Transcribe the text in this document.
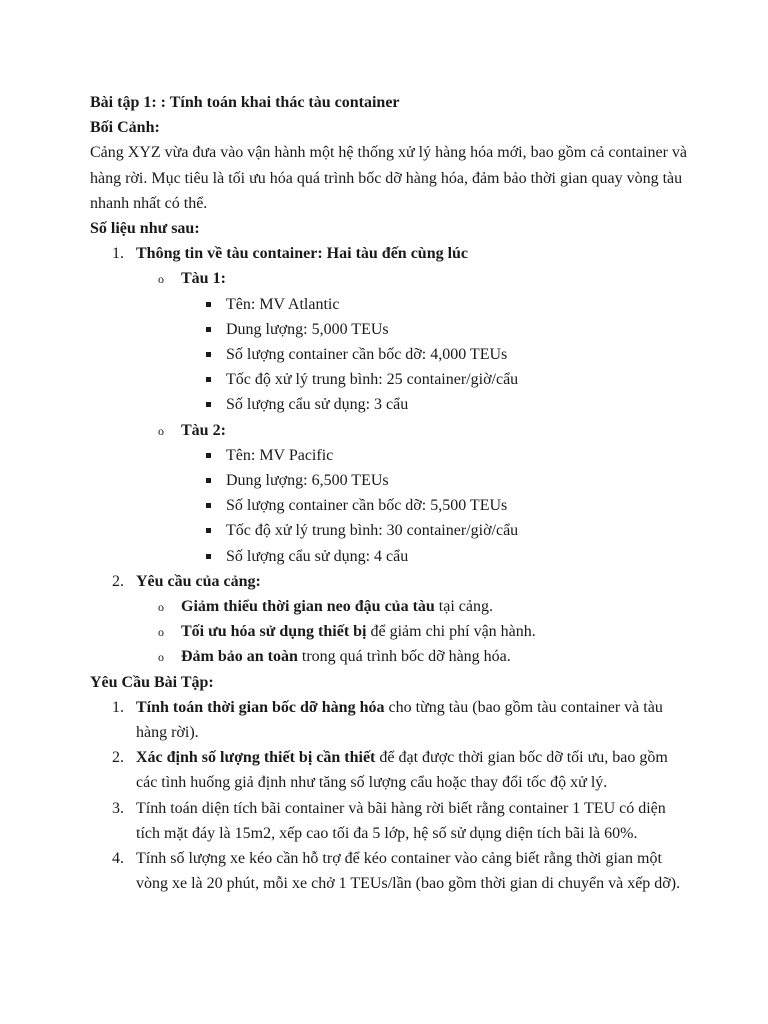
Bài tập 1: : Tính toán khai thác tàu container

Bối Cảnh:

Cảng XYZ vừa đưa vào vận hành một hệ thống xử lý hàng hóa mới, bao gồm cả container và hàng rời. Mục tiêu là tối ưu hóa quá trình bốc dỡ hàng hóa, đảm bảo thời gian quay vòng tàu nhanh nhất có thể.

Số liệu như sau:

1. Thông tin về tàu container: Hai tàu đến cùng lúc
o Tàu 1:
Tên: MV Atlantic
Dung lượng: 5,000 TEUs
Số lượng container cần bốc dỡ: 4,000 TEUs
Tốc độ xử lý trung bình: 25 container/giờ/cẩu
Số lượng cẩu sử dụng: 3 cẩu
o Tàu 2:
Tên: MV Pacific
Dung lượng: 6,500 TEUs
Số lượng container cần bốc dỡ: 5,500 TEUs
Tốc độ xử lý trung bình: 30 container/giờ/cẩu
Số lượng cẩu sử dụng: 4 cẩu
2. Yêu cầu của cảng:
o Giảm thiểu thời gian neo đậu của tàu tại cảng.
o Tối ưu hóa sử dụng thiết bị để giảm chi phí vận hành.
o Đảm bảo an toàn trong quá trình bốc dỡ hàng hóa.

Yêu Cầu Bài Tập:

1. Tính toán thời gian bốc dỡ hàng hóa cho từng tàu (bao gồm tàu container và tàu hàng rời).
2. Xác định số lượng thiết bị cần thiết để đạt được thời gian bốc dỡ tối ưu, bao gồm các tình huống giả định như tăng số lượng cẩu hoặc thay đổi tốc độ xử lý.
3. Tính toán diện tích bãi container và bãi hàng rời biết rằng container 1 TEU có diện tích mặt đáy là 15m2, xếp cao tối đa 5 lớp, hệ số sử dụng diện tích bãi là 60%.
4. Tính số lượng xe kéo cần hỗ trợ để kéo container vào cảng biết rằng thời gian một vòng xe là 20 phút, mỗi xe chở 1 TEUs/lần (bao gồm thời gian di chuyển và xếp dỡ).
